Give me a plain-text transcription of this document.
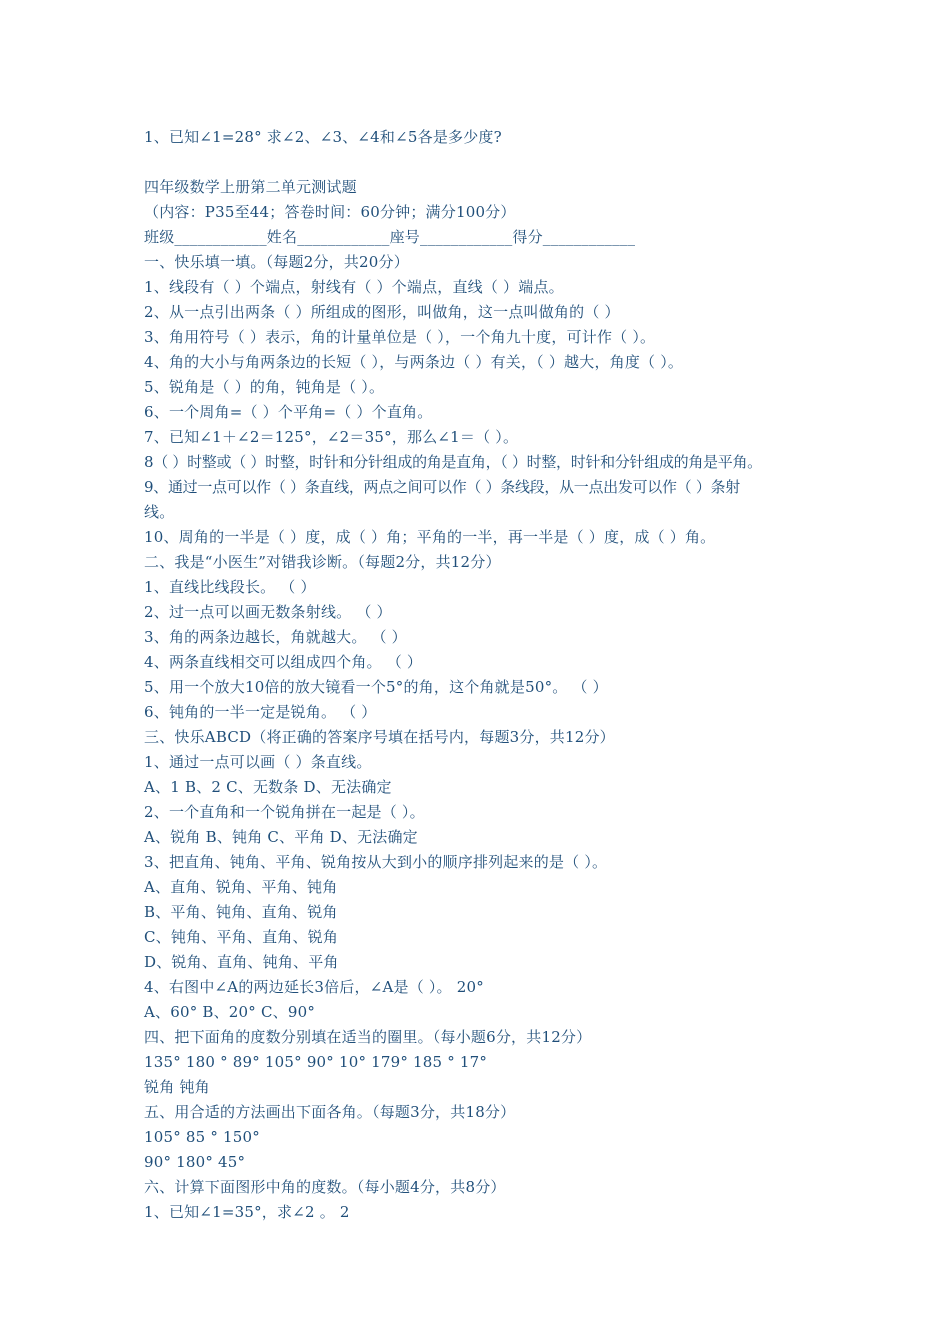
1、已知∠1=28° 求∠2、∠3、∠4和∠5各是多少度?
四年级数学上册第二单元测试题
（内容：P35至44；答卷时间：60分钟；满分100分）
班级____________姓名____________座号____________得分____________
一、快乐填一填。（每题2分，共20分）
1、线段有（ ）个端点，射线有（ ）个端点，直线（ ）端点。
2、从一点引出两条（ ）所组成的图形，叫做角，这一点叫做角的（ ）
3、角用符号（ ）表示，角的计量单位是（ ），一个角九十度，可计作（ ）。
4、角的大小与角两条边的长短（ ），与两条边（ ）有关，（ ）越大，角度（ ）。
5、锐角是（ ）的角，钝角是（ ）。
6、一个周角=（ ）个平角=（ ）个直角。
7、已知∠1＋∠2＝125°，∠2＝35°，那么∠1＝（ ）。
8（ ）时整或（ ）时整，时针和分针组成的角是直角，（ ）时整，时针和分针组成的角是平角。
9、通过一点可以作（ ）条直线，两点之间可以作（ ）条线段，从一点出发可以作（ ）条射
线。
10、周角的一半是（ ）度，成（ ）角；平角的一半，再一半是（ ）度，成（ ）角。
二、我是“小医生”对错我诊断。（每题2分，共12分）
1、直线比线段长。 （ ）
2、过一点可以画无数条射线。 （ ）
3、角的两条边越长，角就越大。 （ ）
4、两条直线相交可以组成四个角。 （ ）
5、用一个放大10倍的放大镜看一个5°的角，这个角就是50°。 （ ）
6、钝角的一半一定是锐角。 （ ）
三、快乐ABCD（将正确的答案序号填在括号内，每题3分，共12分）
1、通过一点可以画（ ）条直线。
A、1 B、2 C、无数条 D、无法确定
2、一个直角和一个锐角拼在一起是（ ）。
A、锐角 B、钝角 C、平角 D、无法确定
3、把直角、钝角、平角、锐角按从大到小的顺序排列起来的是（ ）。
A、直角、锐角、平角、钝角
B、平角、钝角、直角、锐角
C、钝角、平角、直角、锐角
D、锐角、直角、钝角、平角
4、右图中∠A的两边延长3倍后，∠A是（ ）。 20°
A、60° B、20° C、90°
四、把下面角的度数分别填在适当的圈里。（每小题6分，共12分）
135° 180 ° 89° 105° 90° 10° 179° 185 ° 17°
锐角 钝角
五、用合适的方法画出下面各角。（每题3分，共18分）
105° 85 ° 150°
90° 180° 45°
六、计算下面图形中角的度数。（每小题4分，共8分）
1、已知∠1=35°，求∠2 。 2
